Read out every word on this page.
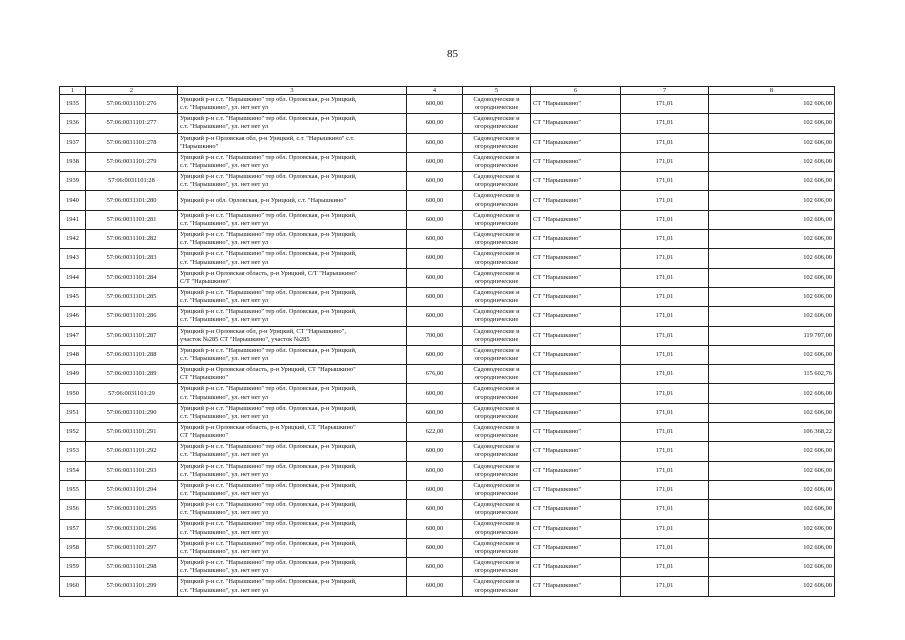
85
1	2	3	4	5	6	7	8
1935	57:06:0031101:276	Урицкий р-н с.т. "Нарышкино" тер обл. Орловская, р-н Урицкий,
с.т. "Нарышкино", ул. нет нет ул	600,00	Садоводческие и
огороднические	СТ "Нарышкино"	171,01	102 606,00
1936	57:06:0031101:277	Урицкий р-н с.т. "Нарышкино" тер обл. Орловская, р-н Урицкий,
с.т. "Нарышкино", ул. нет нет ул	600,00	Садоводческие и
огороднические	СТ "Нарышкино"	171,01	102 606,00
1937	57:06:0031101:278	Урицкий р-н Орловская обл, р-н Урицкий, с.т. "Нарышкино" с.т.
"Нарышкино"	600,00	Садоводческие и
огороднические	СТ "Нарышкино"	171,01	102 606,00
1938	57:06:0031101:279	Урицкий р-н с.т. "Нарышкино" тер обл. Орловская, р-н Урицкий,
с.т. "Нарышкино", ул. нет нет ул	600,00	Садоводческие и
огороднические	СТ "Нарышкино"	171,01	102 606,00
1939	57:06:0031101:28	Урицкий р-н с.т. "Нарышкино" тер обл. Орловская, р-н Урицкий,
с.т. "Нарышкино", ул. нет нет ул	600,00	Садоводческие и
огороднические	СТ "Нарышкино"	171,01	102 606,00
1940	57:06:0031101:280	Урицкий р-н обл. Орловская, р-н Урицкий, с.т. "Нарышкино"	600,00	Садоводческие и
огороднические	СТ "Нарышкино"	171,01	102 606,00
1941	57:06:0031101:281	Урицкий р-н с.т. "Нарышкино" тер обл. Орловская, р-н Урицкий,
с.т. "Нарышкино", ул. нет нет ул	600,00	Садоводческие и
огороднические	СТ "Нарышкино"	171,01	102 606,00
1942	57:06:0031101:282	Урицкий р-н с.т. "Нарышкино" тер обл. Орловская, р-н Урицкий,
с.т. "Нарышкино", ул. нет нет ул	600,00	Садоводческие и
огороднические	СТ "Нарышкино"	171,01	102 606,00
1943	57:06:0031101:283	Урицкий р-н с.т. "Нарышкино" тер обл. Орловская, р-н Урицкий,
с.т. "Нарышкино", ул. нет нет ул	600,00	Садоводческие и
огороднические	СТ "Нарышкино"	171,01	102 606,00
1944	57:06:0031101:284	Урицкий р-н Орловская область, р-н Урицкий, С/Т "Нарышкино"
С/Т "Нарышкино"	600,00	Садоводческие и
огороднические	СТ "Нарышкино"	171,01	102 606,00
1945	57:06:0031101:285	Урицкий р-н с.т. "Нарышкино" тер обл. Орловская, р-н Урицкий,
с.т. "Нарышкино", ул. нет нет ул	600,00	Садоводческие и
огороднические	СТ "Нарышкино"	171,01	102 606,00
1946	57:06:0031101:286	Урицкий р-н с.т. "Нарышкино" тер обл. Орловская, р-н Урицкий,
с.т. "Нарышкино", ул. нет нет ул	600,00	Садоводческие и
огороднические	СТ "Нарышкино"	171,01	102 606,00
1947	57:06:0031101:287	Урицкий р-н Орловская обл, р-н Урицкий, СТ "Нарышкино",
участок №285 СТ "Нарышкино", участок №285	700,00	Садоводческие и
огороднические	СТ "Нарышкино"	171,01	119 707,00
1948	57:06:0031101:288	Урицкий р-н с.т. "Нарышкино" тер обл. Орловская, р-н Урицкий,
с.т. "Нарышкино", ул. нет нет ул	600,00	Садоводческие и
огороднические	СТ "Нарышкино"	171,01	102 606,00
1949	57:06:0031101:289	Урицкий р-н Орловская область, р-н Урицкий, СТ "Нарышкино"
СТ "Нарышкино"	676,00	Садоводческие и
огороднические	СТ "Нарышкино"	171,01	115 602,76
1950	57:06:0031101:29	Урицкий р-н с.т. "Нарышкино" тер обл. Орловская, р-н Урицкий,
с.т. "Нарышкино", ул. нет нет ул	600,00	Садоводческие и
огороднические	СТ "Нарышкино"	171,01	102 606,00
1951	57:06:0031101:290	Урицкий р-н с.т. "Нарышкино" тер обл. Орловская, р-н Урицкий,
с.т. "Нарышкино", ул. нет нет ул	600,00	Садоводческие и
огороднические	СТ "Нарышкино"	171,01	102 606,00
1952	57:06:0031101:291	Урицкий р-н Орловская область, р-н Урицкий, СТ "Нарышкино"
СТ "Нарышкино"	622,00	Садоводческие и
огороднические	СТ "Нарышкино"	171,01	106 368,22
1953	57:06:0031101:292	Урицкий р-н с.т. "Нарышкино" тер обл. Орловская, р-н Урицкий,
с.т. "Нарышкино", ул. нет нет ул	600,00	Садоводческие и
огороднические	СТ "Нарышкино"	171,01	102 606,00
1954	57:06:0031101:293	Урицкий р-н с.т. "Нарышкино" тер обл. Орловская, р-н Урицкий,
с.т. "Нарышкино", ул. нет нет ул	600,00	Садоводческие и
огороднические	СТ "Нарышкино"	171,01	102 606,00
1955	57:06:0031101:294	Урицкий р-н с.т. "Нарышкино" тер обл. Орловская, р-н Урицкий,
с.т. "Нарышкино", ул. нет нет ул	600,00	Садоводческие и
огороднические	СТ "Нарышкино"	171,01	102 606,00
1956	57:06:0031101:295	Урицкий р-н с.т. "Нарышкино" тер обл. Орловская, р-н Урицкий,
с.т. "Нарышкино", ул. нет нет ул	600,00	Садоводческие и
огороднические	СТ "Нарышкино"	171,01	102 606,00
1957	57:06:0031101:296	Урицкий р-н с.т. "Нарышкино" тер обл. Орловская, р-н Урицкий,
с.т. "Нарышкино", ул. нет нет ул	600,00	Садоводческие и
огороднические	СТ "Нарышкино"	171,01	102 606,00
1958	57:06:0031101:297	Урицкий р-н с.т. "Нарышкино" тер обл. Орловская, р-н Урицкий,
с.т. "Нарышкино", ул. нет нет ул	600,00	Садоводческие и
огороднические	СТ "Нарышкино"	171,01	102 606,00
1959	57:06:0031101:298	Урицкий р-н с.т. "Нарышкино" тер обл. Орловская, р-н Урицкий,
с.т. "Нарышкино", ул. нет нет ул	600,00	Садоводческие и
огороднические	СТ "Нарышкино"	171,01	102 606,00
1960	57:06:0031101:299	Урицкий р-н с.т. "Нарышкино" тер обл. Орловская, р-н Урицкий,
с.т. "Нарышкино", ул. нет нет ул	600,00	Садоводческие и
огороднические	СТ "Нарышкино"	171,01	102 606,00
